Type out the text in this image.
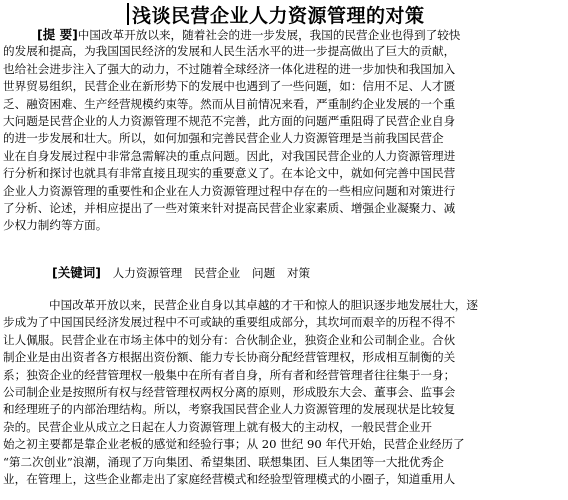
浅谈民营企业人力资源管理的对策
[提 要]中国改革开放以来，随着社会的进一步发展，我国的民营企业也得到了较快
的发展和提高，为我国国民经济的发展和人民生活水平的进一步提高做出了巨大的贡献，
也给社会进步注入了强大的动力，不过随着全球经济一体化进程的进一步加快和我国加入
世界贸易组织，民营企业在新形势下的发展中也遇到了一些问题，如：信用不足、人才匮
乏、融资困难、生产经营规模约束等。然而从目前情况来看，严重制约企业发展的一个重
大问题是民营企业的人力资源管理不规范不完善，此方面的问题严重阻碍了民营企业自身
的进一步发展和壮大。所以，如何加强和完善民营企业人力资源管理是当前我国民营企
业在自身发展过程中非常急需解决的重点问题。因此，对我国民营企业的人力资源管理进
行分析和探讨也就具有非常直接且现实的重要意义了。在本论文中，就如何完善中国民营
企业人力资源管理的重要性和企业在人力资源管理过程中存在的一些相应问题和对策进行
了分析、论述，并相应提出了一些对策来针对提高民营企业家素质、增强企业凝聚力、减
少权力制约等方面。
[关键词] 人力资源管理 民营企业 问题 对策
中国改革开放以来，民营企业自身以其卓越的才干和惊人的胆识逐步地发展壮大，逐
步成为了中国国民经济发展过程中不可或缺的重要组成部分，其坎坷而艰辛的历程不得不
让人佩服。民营企业在市场主体中的划分有：合伙制企业，独资企业和公司制企业。合伙
制企业是由出资者各方根据出资份额、能力专长协商分配经营管理权，形成相互制衡的关
系；独资企业的经营管理权一般集中在所有者自身，所有者和经营管理者往往集于一身；
公司制企业是按照所有权与经营管理权两权分离的原则，形成股东大会、董事会、监事会
和经理班子的内部治理结构。所以，考察我国民营企业人力资源管理的发展现状是比较复
杂的。民营企业从成立之日起在人力资源管理上就有极大的主动权，一般民营企业开
始之初主要都是靠企业老板的感觉和经验行事；从 20 世纪 90 年代开始，民营企业经历了
“第二次创业”浪潮，涌现了万向集团、希望集团、联想集团、巨人集团等一大批优秀企
业，在管理上，这些企业都走出了家庭经营模式和经验型管理模式的小圈子，知道重用人
